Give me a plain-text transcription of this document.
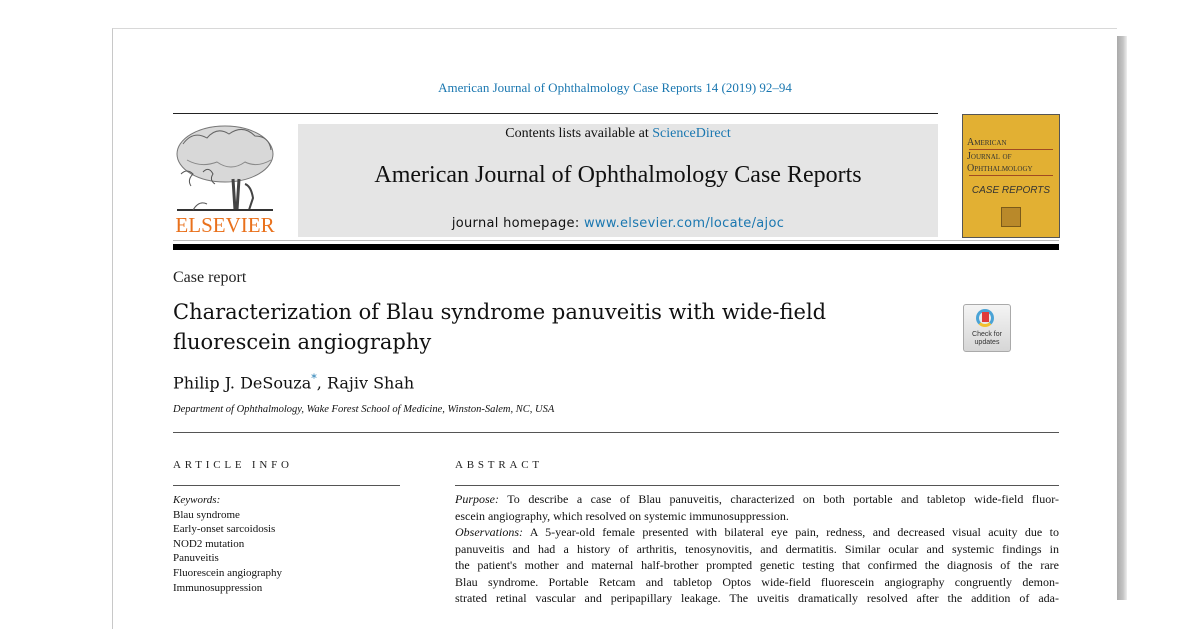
American Journal of Ophthalmology Case Reports 14 (2019) 92–94
ELSEVIER
Contents lists available at ScienceDirect
American Journal of Ophthalmology Case Reports
journal homepage: www.elsevier.com/locate/ajoc
American
Journal of
Ophthalmology
CASE REPORTS
Case report
Characterization of Blau syndrome panuveitis with wide-field fluorescein angiography
Philip J. DeSouza*, Rajiv Shah
Department of Ophthalmology, Wake Forest School of Medicine, Winston-Salem, NC, USA
Check for
updates
ARTICLE INFO
Keywords:
Blau syndrome
Early-onset sarcoidosis
NOD2 mutation
Panuveitis
Fluorescein angiography
Immunosuppression
ABSTRACT
Purpose: To describe a case of Blau panuveitis, characterized on both portable and tabletop wide-field fluor-
escein angiography, which resolved on systemic immunosuppression.
Observations: A 5-year-old female presented with bilateral eye pain, redness, and decreased visual acuity due to
panuveitis and had a history of arthritis, tenosynovitis, and dermatitis. Similar ocular and systemic findings in
the patient's mother and maternal half-brother prompted genetic testing that confirmed the diagnosis of the rare
Blau syndrome. Portable Retcam and tabletop Optos wide-field fluorescein angiography congruently demon-
strated retinal vascular and peripapillary leakage. The uveitis dramatically resolved after the addition of ada-
